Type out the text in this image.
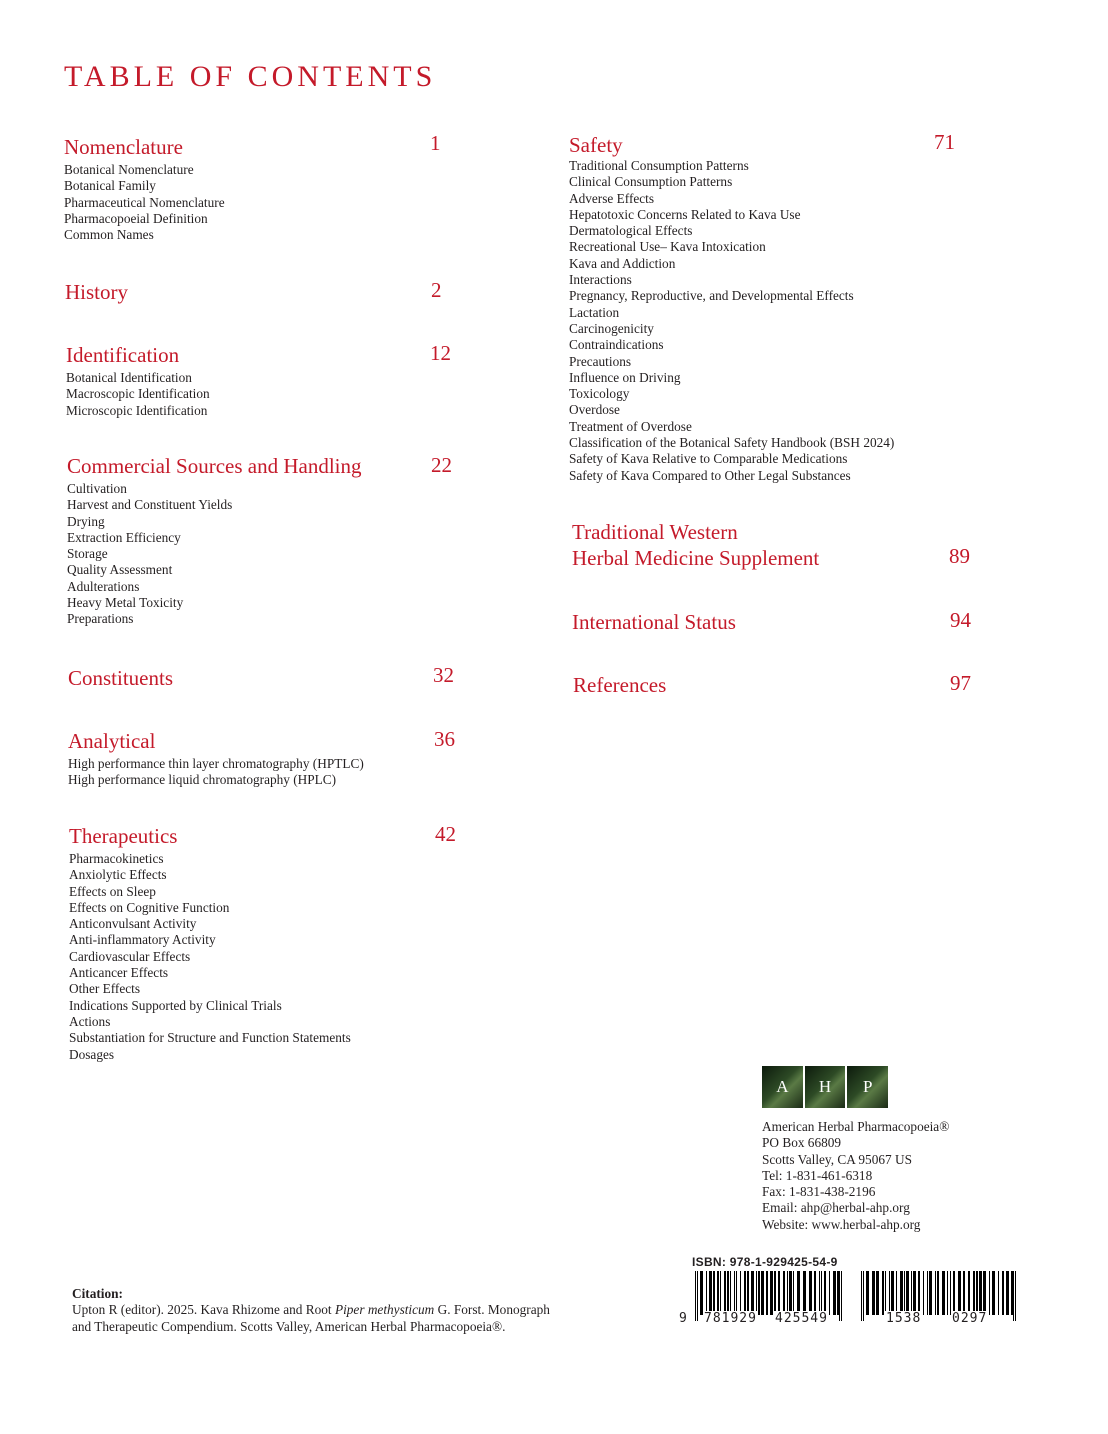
TABLE OF CONTENTS
Nomenclature	1
Botanical Nomenclature
Botanical Family
Pharmaceutical Nomenclature
Pharmacopoeial Definition
Common Names
History	2
Identification	12
Botanical Identification
Macroscopic Identification
Microscopic Identification
Commercial Sources and Handling	22
Cultivation
Harvest and Constituent Yields
Drying
Extraction Efficiency
Storage
Quality Assessment
Adulterations
Heavy Metal Toxicity
Preparations
Constituents	32
Analytical	36
High performance thin layer chromatography (HPTLC)
High performance liquid chromatography (HPLC)
Therapeutics	42
Pharmacokinetics
Anxiolytic Effects
Effects on Sleep
Effects on Cognitive Function
Anticonvulsant Activity
Anti-inflammatory Activity
Cardiovascular Effects
Anticancer Effects
Other Effects
Indications Supported by Clinical Trials
Actions
Substantiation for Structure and Function Statements
Dosages
Safety	71
Traditional Consumption Patterns
Clinical Consumption Patterns
Adverse Effects
Hepatotoxic Concerns Related to Kava Use
Dermatological Effects
Recreational Use– Kava Intoxication
Kava and Addiction
Interactions
Pregnancy, Reproductive, and Developmental Effects
Lactation
Carcinogenicity
Contraindications
Precautions
Influence on Driving
Toxicology
Overdose
Treatment of Overdose
Classification of the Botanical Safety Handbook (BSH 2024)
Safety of Kava Relative to Comparable Medications
Safety of Kava Compared to Other Legal Substances
Traditional Western
Herbal Medicine Supplement	89
International Status	94
References	97
A	H	P
American Herbal Pharmacopoeia®
PO Box 66809
Scotts Valley, CA 95067 US
Tel: 1-831-461-6318
Fax: 1-831-438-2196
Email: ahp@herbal-ahp.org
Website: www.herbal-ahp.org
Citation:
Upton R (editor). 2025. Kava Rhizome and Root Piper methysticum G. Forst. Monograph
and Therapeutic Compendium. Scotts Valley, American Herbal Pharmacopoeia®.
ISBN: 978-1-929425-54-9
9 781929 425549	1538 0297
